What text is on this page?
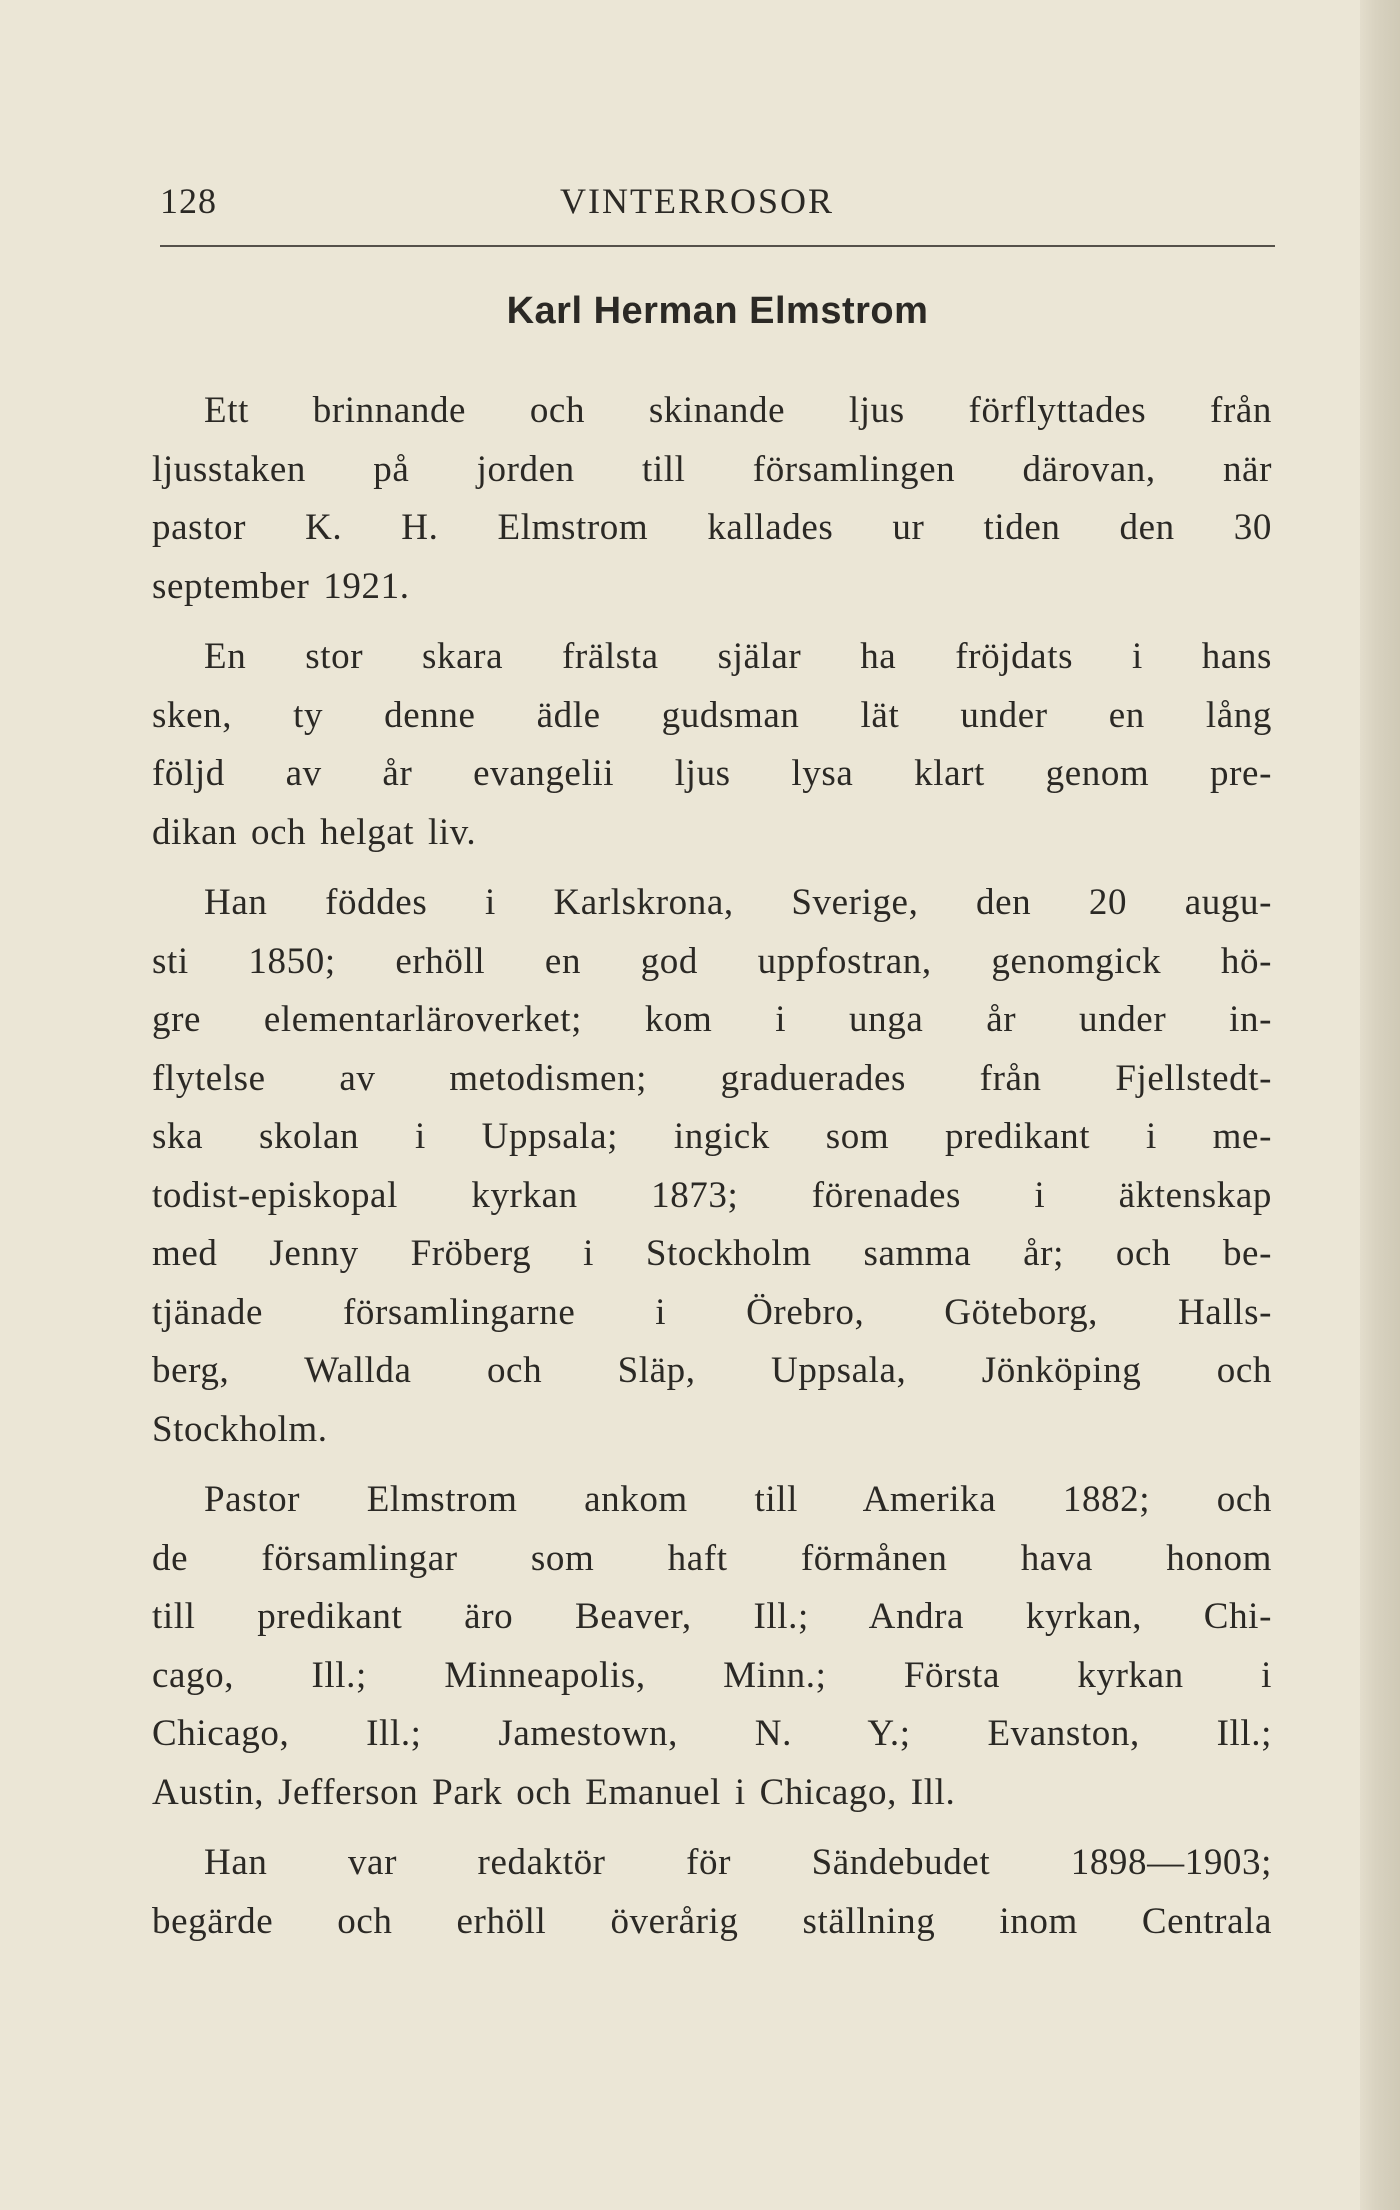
128	VINTERROSOR
Karl Herman Elmstrom

Ett brinnande och skinande ljus förflyttades från
ljusstaken på jorden till församlingen därovan, när
pastor K. H. Elmstrom kallades ur tiden den 30
september 1921.

En stor skara frälsta själar ha fröjdats i hans
sken, ty denne ädle gudsman lät under en lång
följd av år evangelii ljus lysa klart genom pre-
dikan och helgat liv.

Han föddes i Karlskrona, Sverige, den 20 augu-
sti 1850; erhöll en god uppfostran, genomgick hö-
gre elementarläroverket; kom i unga år under in-
flytelse av metodismen; graduerades från Fjellstedt-
ska skolan i Uppsala; ingick som predikant i me-
todist-episkopal kyrkan 1873; förenades i äktenskap
med Jenny Fröberg i Stockholm samma år; och be-
tjänade församlingarne i Örebro, Göteborg, Halls-
berg, Wallda och Släp, Uppsala, Jönköping och
Stockholm.

Pastor Elmstrom ankom till Amerika 1882; och
de församlingar som haft förmånen hava honom
till predikant äro Beaver, Ill.; Andra kyrkan, Chi-
cago, Ill.; Minneapolis, Minn.; Första kyrkan i
Chicago, Ill.; Jamestown, N. Y.; Evanston, Ill.;
Austin, Jefferson Park och Emanuel i Chicago, Ill.

Han var redaktör för Sändebudet 1898—1903;
begärde och erhöll överårig ställning inom Centrala
